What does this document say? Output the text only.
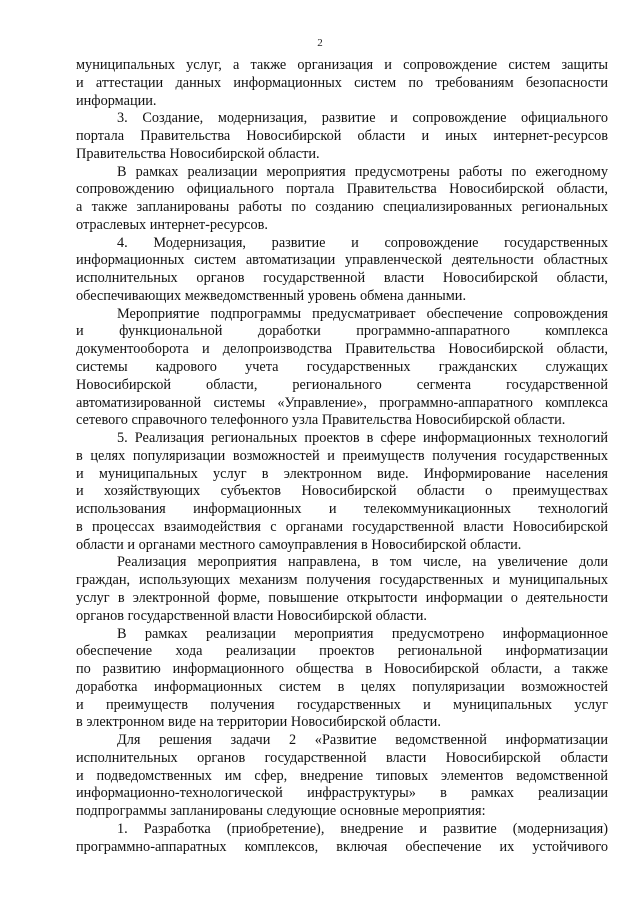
2
муниципальных услуг, а также организация и сопровождение систем защиты
и аттестации данных информационных систем по требованиям безопасности
информации.
3. Создание, модернизация, развитие и сопровождение официального
портала Правительства Новосибирской области и иных интернет-ресурсов
Правительства Новосибирской области.
В рамках реализации мероприятия предусмотрены работы по ежегодному
сопровождению официального портала Правительства Новосибирской области,
а также запланированы работы по созданию специализированных региональных
отраслевых интернет-ресурсов.
4. Модернизация, развитие и сопровождение государственных
информационных систем автоматизации управленческой деятельности областных
исполнительных органов государственной власти Новосибирской области,
обеспечивающих межведомственный уровень обмена данными.
Мероприятие подпрограммы предусматривает обеспечение сопровождения
и функциональной доработки программно-аппаратного комплекса
документооборота и делопроизводства Правительства Новосибирской области,
системы кадрового учета государственных гражданских служащих
Новосибирской области, регионального сегмента государственной
автоматизированной системы «Управление», программно-аппаратного комплекса
сетевого справочного телефонного узла Правительства Новосибирской области.
5. Реализация региональных проектов в сфере информационных технологий
в целях популяризации возможностей и преимуществ получения государственных
и муниципальных услуг в электронном виде. Информирование населения
и хозяйствующих субъектов Новосибирской области о преимуществах
использования информационных и телекоммуникационных технологий
в процессах взаимодействия с органами государственной власти Новосибирской
области и органами местного самоуправления в Новосибирской области.
Реализация мероприятия направлена, в том числе, на увеличение доли
граждан, использующих механизм получения государственных и муниципальных
услуг в электронной форме, повышение открытости информации о деятельности
органов государственной власти Новосибирской области.
В рамках реализации мероприятия предусмотрено информационное
обеспечение хода реализации проектов региональной информатизации
по развитию информационного общества в Новосибирской области, а также
доработка информационных систем в целях популяризации возможностей
и преимуществ получения государственных и муниципальных услуг
в электронном виде на территории Новосибирской области.
Для решения задачи 2 «Развитие ведомственной информатизации
исполнительных органов государственной власти Новосибирской области
и подведомственных им сфер, внедрение типовых элементов ведомственной
информационно-технологической инфраструктуры» в рамках реализации
подпрограммы запланированы следующие основные мероприятия:
1. Разработка (приобретение), внедрение и развитие (модернизация)
программно-аппаратных комплексов, включая обеспечение их устойчивого
